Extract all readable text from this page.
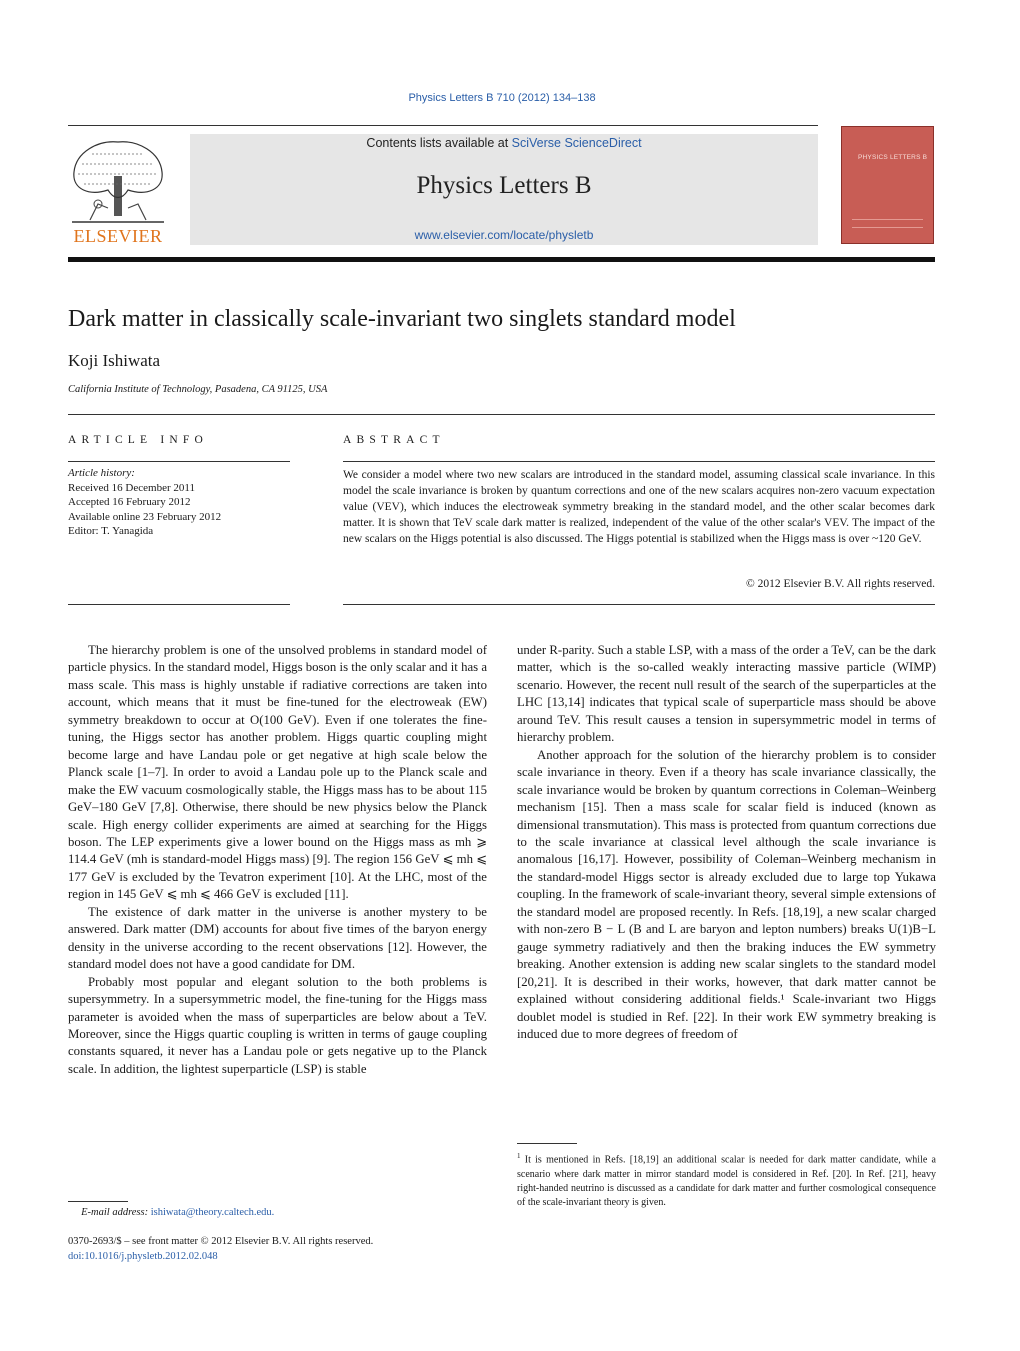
Physics Letters B 710 (2012) 134–138
ELSEVIER
Contents lists available at SciVerse ScienceDirect
Physics Letters B
www.elsevier.com/locate/physletb
PHYSICS LETTERS B
Dark matter in classically scale-invariant two singlets standard model
Koji Ishiwata
California Institute of Technology, Pasadena, CA 91125, USA
ARTICLE INFO	ABSTRACT
Article history:
Received 16 December 2011
Accepted 16 February 2012
Available online 23 February 2012
Editor: T. Yanagida
We consider a model where two new scalars are introduced in the standard model, assuming classical scale invariance. In this model the scale invariance is broken by quantum corrections and one of the new scalars acquires non-zero vacuum expectation value (VEV), which induces the electroweak symmetry breaking in the standard model, and the other scalar becomes dark matter. It is shown that TeV scale dark matter is realized, independent of the value of the other scalar's VEV. The impact of the new scalars on the Higgs potential is also discussed. The Higgs potential is stabilized when the Higgs mass is over ~120 GeV.
© 2012 Elsevier B.V. All rights reserved.

The hierarchy problem is one of the unsolved problems in standard model of particle physics. In the standard model, Higgs boson is the only scalar and it has a mass scale. This mass is highly unstable if radiative corrections are taken into account, which means that it must be fine-tuned for the electroweak (EW) symmetry breakdown to occur at O(100 GeV). Even if one tolerates the fine-tuning, the Higgs sector has another problem. Higgs quartic coupling might become large and have Landau pole or get negative at high scale below the Planck scale [1–7]. In order to avoid a Landau pole up to the Planck scale and make the EW vacuum cosmologically stable, the Higgs mass has to be about 115 GeV–180 GeV [7,8]. Otherwise, there should be new physics below the Planck scale. High energy collider experiments are aimed at searching for the Higgs boson. The LEP experiments give a lower bound on the Higgs mass as mh ⩾ 114.4 GeV (mh is standard-model Higgs mass) [9]. The region 156 GeV ⩽ mh ⩽ 177 GeV is excluded by the Tevatron experiment [10]. At the LHC, most of the region in 145 GeV ⩽ mh ⩽ 466 GeV is excluded [11].

The existence of dark matter in the universe is another mystery to be answered. Dark matter (DM) accounts for about five times of the baryon energy density in the universe according to the recent observations [12]. However, the standard model does not have a good candidate for DM.

Probably most popular and elegant solution to the both problems is supersymmetry. In a supersymmetric model, the fine-tuning for the Higgs mass parameter is avoided when the mass of superparticles are below about a TeV. Moreover, since the Higgs quartic coupling is written in terms of gauge coupling constants squared, it never has a Landau pole or gets negative up to the Planck scale. In addition, the lightest superparticle (LSP) is stable

under R-parity. Such a stable LSP, with a mass of the order a TeV, can be the dark matter, which is the so-called weakly interacting massive particle (WIMP) scenario. However, the recent null result of the search of the superparticles at the LHC [13,14] indicates that typical scale of superparticle mass should be above around TeV. This result causes a tension in supersymmetric model in terms of hierarchy problem.

Another approach for the solution of the hierarchy problem is to consider scale invariance in theory. Even if a theory has scale invariance classically, the scale invariance would be broken by quantum corrections in Coleman–Weinberg mechanism [15]. Then a mass scale for scalar field is induced (known as dimensional transmutation). This mass is protected from quantum corrections due to the scale invariance at classical level although the scale invariance is anomalous [16,17]. However, possibility of Coleman–Weinberg mechanism in the standard-model Higgs sector is already excluded due to large top Yukawa coupling. In the framework of scale-invariant theory, several simple extensions of the standard model are proposed recently. In Refs. [18,19], a new scalar charged with non-zero B − L (B and L are baryon and lepton numbers) breaks U(1)B−L gauge symmetry radiatively and then the braking induces the EW symmetry breaking. Another extension is adding new scalar singlets to the standard model [20,21]. It is described in their works, however, that dark matter cannot be explained without considering additional fields.¹ Scale-invariant two Higgs doublet model is studied in Ref. [22]. In their work EW symmetry breaking is induced due to more degrees of freedom of

$^1$ It is mentioned in Refs. [18,19] an additional scalar is needed for dark matter candidate, while a scenario where dark matter in mirror standard model is considered in Ref. [20]. In Ref. [21], heavy right-handed neutrino is discussed as a candidate for dark matter and further cosmological consequence of the scale-invariant theory is given.
E-mail address: ishiwata@theory.caltech.edu.
0370-2693/$ – see front matter © 2012 Elsevier B.V. All rights reserved.
doi:10.1016/j.physletb.2012.02.048
